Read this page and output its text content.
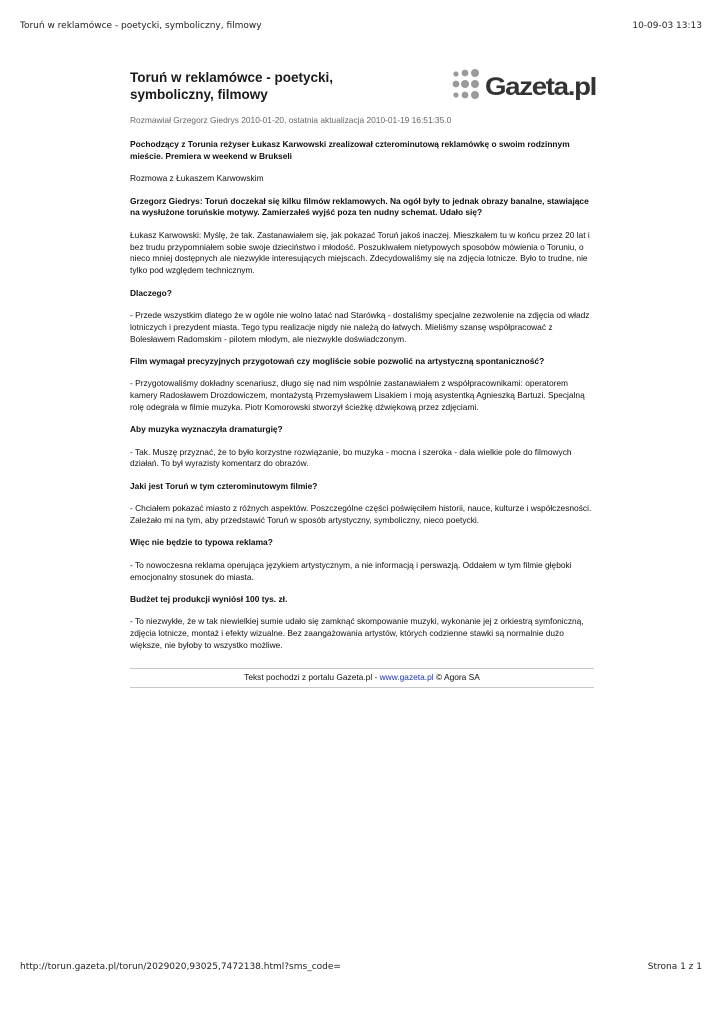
Toruń w reklamówce - poetycki, symboliczny, filmowy	10-09-03 13:13
Toruń w reklamówce - poetycki,
symboliczny, filmowy	Gazeta.pl

Rozmawiał Grzegorz Giedrys 2010-01-20, ostatnia aktualizacja 2010-01-19 16:51:35.0

Pochodzący z Torunia reżyser Łukasz Karwowski zrealizował czterominutową reklamówkę o swoim rodzinnym mieście. Premiera w weekend w Brukseli

Rozmowa z Łukaszem Karwowskim

Grzegorz Giedrys: Toruń doczekał się kilku filmów reklamowych. Na ogół były to jednak obrazy banalne, stawiające na wysłużone toruńskie motywy. Zamierzałeś wyjść poza ten nudny schemat. Udało się?

Łukasz Karwowski: Myślę, że tak. Zastanawiałem się, jak pokazać Toruń jakoś inaczej. Mieszkałem tu w końcu przez 20 lat i bez trudu przypomniałem sobie swoje dzieciństwo i młodość. Poszukiwałem nietypowych sposobów mówienia o Toruniu, o nieco mniej dostępnych ale niezwykle interesujących miejscach. Zdecydowaliśmy się na zdjęcia lotnicze. Było to trudne, nie tylko pod względem technicznym.

Dlaczego?

- Przede wszystkim dlatego że w ogóle nie wolno latać nad Starówką - dostaliśmy specjalne zezwolenie na zdjęcia od władz lotniczych i prezydent miasta. Tego typu realizacje nigdy nie należą do łatwych. Mieliśmy szansę współpracować z Bolesławem Radomskim - pilotem młodym, ale niezwykle doświadczonym.

Film wymagał precyzyjnych przygotowań czy mogliście sobie pozwolić na artystyczną spontaniczność?

- Przygotowaliśmy dokładny scenariusz, długo się nad nim wspólnie zastanawiałem z współpracownikami: operatorem kamery Radosławem Drozdowiczem, montażystą Przemysławem Lisakiem i moją asystentką Agnieszką Bartuzi. Specjalną rolę odegrała w filmie muzyka. Piotr Komorowski stworzył ścieżkę dźwiękową przez zdjęciami.

Aby muzyka wyznaczyła dramaturgię?

- Tak. Muszę przyznać, że to było korzystne rozwiązanie, bo muzyka - mocna i szeroka - dała wielkie pole do filmowych działań. To był wyrazisty komentarz do obrazów.

Jaki jest Toruń w tym czterominutowym filmie?

- Chciałem pokazać miasto z różnych aspektów. Poszczególne części poświęciłem historii, nauce, kulturze i współczesności. Zależało mi na tym, aby przedstawić Toruń w sposób artystyczny, symboliczny, nieco poetycki.

Więc nie będzie to typowa reklama?

- To nowoczesna reklama operująca językiem artystycznym, a nie informacją i perswazją. Oddałem w tym filmie głęboki emocjonalny stosunek do miasta.

Budżet tej produkcji wyniósł 100 tys. zł.

- To niezwykłe, że w tak niewielkiej sumie udało się zamknąć skompowanie muzyki, wykonanie jej z orkiestrą symfoniczną, zdjęcia lotnicze, montaż i efekty wizualne. Bez zaangażowania artystów, których codzienne stawki są normalnie dużo większe, nie byłoby to wszystko możliwe.

Tekst pochodzi z portalu Gazeta.pl - www.gazeta.pl © Agora SA
http://torun.gazeta.pl/torun/2029020,93025,7472138.html?sms_code=	Strona 1 z 1
